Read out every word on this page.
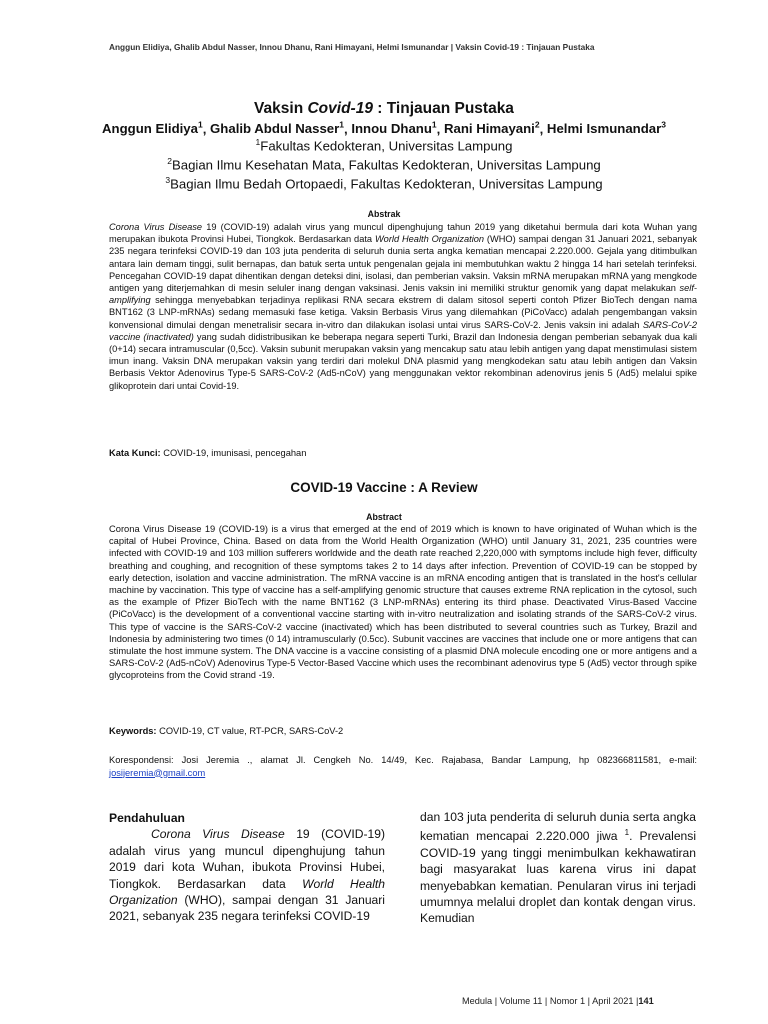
Anggun Elidiya, Ghalib Abdul Nasser, Innou Dhanu, Rani Himayani, Helmi Ismunandar | Vaksin Covid-19 : Tinjauan Pustaka
Vaksin Covid-19 : Tinjauan Pustaka
Anggun Elidiya$^1$, Ghalib Abdul Nasser$^1$, Innou Dhanu$^1$, Rani Himayani$^2$, Helmi Ismunandar$^3$
$^1$Fakultas Kedokteran, Universitas Lampung
$^2$Bagian Ilmu Kesehatan Mata, Fakultas Kedokteran, Universitas Lampung
$^3$Bagian Ilmu Bedah Ortopaedi, Fakultas Kedokteran, Universitas Lampung
Abstrak
Corona Virus Disease 19 (COVID-19) adalah virus yang muncul dipenghujung tahun 2019 yang diketahui bermula dari kota Wuhan yang merupakan ibukota Provinsi Hubei, Tiongkok. Berdasarkan data World Health Organization (WHO) sampai dengan 31 Januari 2021, sebanyak 235 negara terinfeksi COVID-19 dan 103 juta penderita di seluruh dunia serta angka kematian mencapai 2.220.000. Gejala yang ditimbulkan antara lain demam tinggi, sulit bernapas, dan batuk serta untuk pengenalan gejala ini membutuhkan waktu 2 hingga 14 hari setelah terinfeksi. Pencegahan COVID-19 dapat dihentikan dengan deteksi dini, isolasi, dan pemberian vaksin. Vaksin mRNA merupakan mRNA yang mengkode antigen yang diterjemahkan di mesin seluler inang dengan vaksinasi. Jenis vaksin ini memiliki struktur genomik yang dapat melakukan self-amplifying sehingga menyebabkan terjadinya replikasi RNA secara ekstrem di dalam sitosol seperti contoh Pfizer BioTech dengan nama BNT162 (3 LNP-mRNAs) sedang memasuki fase ketiga. Vaksin Berbasis Virus yang dilemahkan (PiCoVacc) adalah pengembangan vaksin konvensional dimulai dengan menetralisir secara in-vitro dan dilakukan isolasi untai virus SARS-CoV-2. Jenis vaksin ini adalah SARS-CoV-2 vaccine (inactivated) yang sudah didistribusikan ke beberapa negara seperti Turki, Brazil dan Indonesia dengan pemberian sebanyak dua kali (0+14) secara intramuscular (0,5cc). Vaksin subunit merupakan vaksin yang mencakup satu atau lebih antigen yang dapat menstimulasi sistem imun inang. Vaksin DNA merupakan vaksin yang terdiri dari molekul DNA plasmid yang mengkodekan satu atau lebih antigen dan Vaksin Berbasis Vektor Adenovirus Type-5 SARS-CoV-2 (Ad5-nCoV) yang menggunakan vektor rekombinan adenovirus jenis 5 (Ad5) melalui spike glikoprotein dari untai Covid-19.
Kata Kunci: COVID-19, imunisasi, pencegahan
COVID-19 Vaccine : A Review
Abstract
Corona Virus Disease 19 (COVID-19) is a virus that emerged at the end of 2019 which is known to have originated of Wuhan which is the capital of Hubei Province, China. Based on data from the World Health Organization (WHO) until January 31, 2021, 235 countries were infected with COVID-19 and 103 million sufferers worldwide and the death rate reached 2,220,000 with symptoms include high fever, difficulty breathing and coughing, and recognition of these symptoms takes 2 to 14 days after infection. Prevention of COVID-19 can be stopped by early detection, isolation and vaccine administration. The mRNA vaccine is an mRNA encoding antigen that is translated in the host's cellular machine by vaccination. This type of vaccine has a self-amplifying genomic structure that causes extreme RNA replication in the cytosol, such as the example of Pfizer BioTech with the name BNT162 (3 LNP-mRNAs) entering its third phase. Deactivated Virus-Based Vaccine (PiCoVacc) is the development of a conventional vaccine starting with in-vitro neutralization and isolating strands of the SARS-CoV-2 virus. This type of vaccine is the SARS-CoV-2 vaccine (inactivated) which has been distributed to several countries such as Turkey, Brazil and Indonesia by administering two times (0 14) intramuscularly (0.5cc). Subunit vaccines are vaccines that include one or more antigens that can stimulate the host immune system. The DNA vaccine is a vaccine consisting of a plasmid DNA molecule encoding one or more antigens and a SARS-CoV-2 (Ad5-nCoV) Adenovirus Type-5 Vector-Based Vaccine which uses the recombinant adenovirus type 5 (Ad5) vector through spike glycoproteins from the Covid strand -19.
Keywords: COVID-19, CT value, RT-PCR, SARS-CoV-2
Korespondensi: Josi Jeremia ., alamat Jl. Cengkeh No. 14/49, Kec. Rajabasa, Bandar Lampung, hp 082366811581, e-mail: josijeremia@gmail.com
Pendahuluan

Corona Virus Disease 19 (COVID-19) adalah virus yang muncul dipenghujung tahun 2019 dari kota Wuhan, ibukota Provinsi Hubei, Tiongkok. Berdasarkan data World Health Organization (WHO), sampai dengan 31 Januari 2021, sebanyak 235 negara terinfeksi COVID-19

dan 103 juta penderita di seluruh dunia serta angka kematian mencapai 2.220.000 jiwa $^1$. Prevalensi COVID-19 yang tinggi menimbulkan kekhawatiran bagi masyarakat luas karena virus ini dapat menyebabkan kematian. Penularan virus ini terjadi umumnya melalui droplet dan kontak dengan virus. Kemudian

Medula | Volume 11 | Nomor 1 | April 2021 |141
